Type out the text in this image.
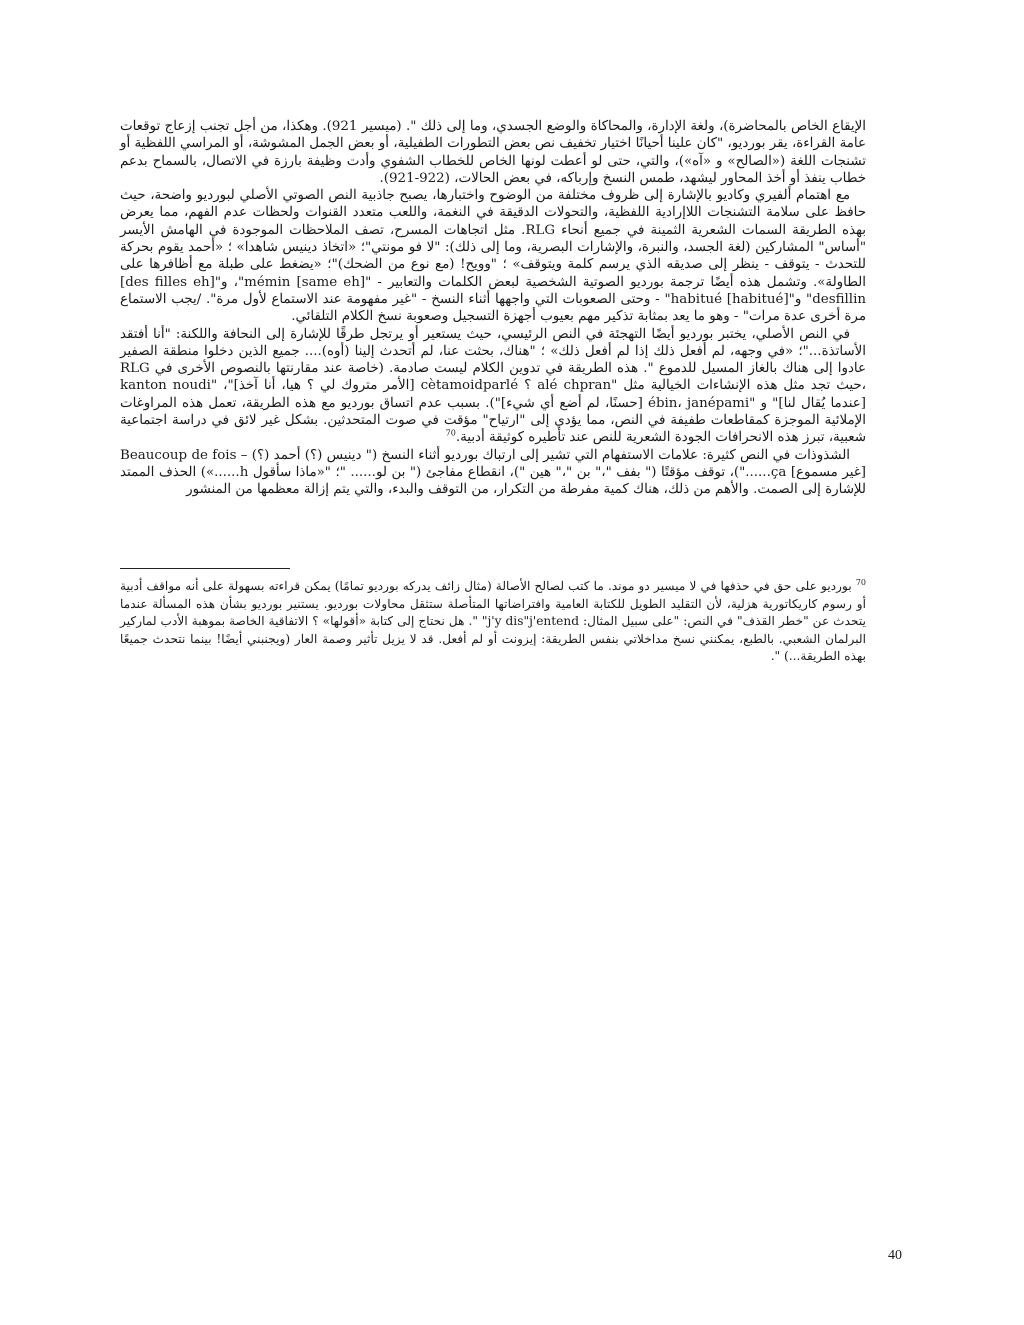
الإيقاع الخاص بالمحاضرة)، ولغة الإدارة، والمحاكاة والوضع الجسدي، وما إلى ذلك ". (ميسير 921). وهكذا، من أجل تجنب إزعاج توقعات عامة القراءة، يقر بورديو، "كان علينا أحيانًا اختيار تخفيف نص بعض التطورات الطفيلية، أو بعض الجمل المشوشة، أو المراسي اللفظية أو تشنجات اللغة («الصالح» و «آه»)، والتي، حتى لو أعطت لونها الخاص للخطاب الشفوي وأدت وظيفة بارزة في الاتصال، بالسماح بدعم خطاب ينفذ أو أخذ المحاور ليشهد، طمس النسخ وإرباكه، في بعض الحالات، (922-921).

مع اهتمام ألفيري وكاديو بالإشارة إلى ظروف مختلفة من الوضوح واختبارها، يصبح جاذبية النص الصوتي الأصلي لبورديو واضحة، حيث حافظ على سلامة التشنجات اللاإرادية اللفظية، والتحولات الدقيقة في النغمة، واللعب متعدد القنوات ولحظات عدم الفهم، مما يعرض بهذه الطريقة السمات الشعرية الثمينة في جميع أنحاء RLG. مثل اتجاهات المسرح، تصف الملاحظات الموجودة في الهامش الأيسر "أساس" المشاركين (لغة الجسد، والنبرة، والإشارات البصرية، وما إلى ذلك): "لا فو مونتي"؛ «اتخاذ دينيس شاهدا» ؛ «أحمد يقوم بحركة للتحدث - يتوقف - ينظر إلى صديقه الذي يرسم كلمة ويتوقف» ؛ "وويح! (مع نوع من الضحك)"؛ «يضغط على طبلة مع أظافرها على الطاولة». وتشمل هذه أيضًا ترجمة بورديو الصوتية الشخصية لبعض الكلمات والتعابير - "[same eh] mémin"، و"[des filles eh] desfillin" و"[habitué] habitué" - وحتى الصعوبات التي واجهها أثناء النسخ - "غير مفهومة عند الاستماع لأول مرة". /يجب الاستماع مرة أخرى عدة مرات" - وهو ما يعد بمثابة تذكير مهم بعيوب أجهزة التسجيل وصعوبة نسخ الكلام التلقائي.

في النص الأصلي، يختبر بورديو أيضًا التهجئة في النص الرئيسي، حيث يستعير أو يرتجل طرقًا للإشارة إلى النحافة واللكنة: "أنا أفتقد الأساتذة..."؛ «في وجهه، لم أفعل ذلك إذا لم أفعل ذلك» ؛ "هناك، بحثت عنا، لم أتحدث إلينا (أوه).... جميع الذين دخلوا منطقة الصفير عادوا إلى هناك بالغاز المسيل للدموع ". هذه الطريقة في تدوين الكلام ليست صادمة. (خاصة عند مقارنتها بالنصوص الأخرى في RLG ،حيث تجد مثل هذه الإنشاءات الخيالية مثل "alé chpran ؟ cètamoidparlé [الأمر متروك لي ؟ هيا، أنا آخذ]"، "kanton noudi [عندما يُقال لنا]" و "ébin، janépami [حسنًا، لم أضع أي شيء]"). بسبب عدم اتساق بورديو مع هذه الطريقة، تعمل هذه المراوغات الإملائية الموجزة كمقاطعات طفيفة في النص، مما يؤدي إلى "ارتياح" مؤقت في صوت المتحدثين. بشكل غير لائق في دراسة اجتماعية شعبية، تبرز هذه الانحرافات الجودة الشعرية للنص عند تأطيره كوثيقة أدبية.$^{70}$

الشذوذات في النص كثيرة: علامات الاستفهام التي تشير إلى ارتباك بورديو أثناء النسخ (" دينيس (؟) أحمد (؟) – Beaucoup de fois [غير مسموع] ça......")، توقف مؤقتًا (" بفف "،" بن "،" هين ")، انقطاع مفاجئ (" بن لو...... "؛ "«ماذا سأقول h......») الحذف الممتد للإشارة إلى الصمت. والأهم من ذلك، هناك كمية مفرطة من التكرار، من التوقف والبدء، والتي يتم إزالة معظمها من المنشور

$^{70}$ بورديو على حق في حذفها في لا ميسير دو موند. ما كتب لصالح الأصالة (مثال زائف يدركه بورديو تمامًا) يمكن قراءته بسهولة على أنه مواقف أدبية أو رسوم كاريكاتورية هزلية، لأن التقليد الطويل للكتابة العامية وافتراضاتها المتأصلة ستثقل محاولات بورديو. يستنير بورديو بشأن هذه المسألة عندما يتحدث عن "خطر القذف" في النص: "على سبيل المثال: j'y dis"j'entend" ". هل نحتاج إلى كتابة «أقولها» ؟ الاتفاقية الخاصة بموهبة الأدب لماركير البرلمان الشعبي. بالطبع، يمكنني نسخ مداخلاتي بنفس الطريقة: إيزونت أو لم أفعل. قد لا يزيل تأثير وصمة العار (ويجنبني أيضًا! بينما نتحدث جميعًا بهذه الطريقة...) ".

40
